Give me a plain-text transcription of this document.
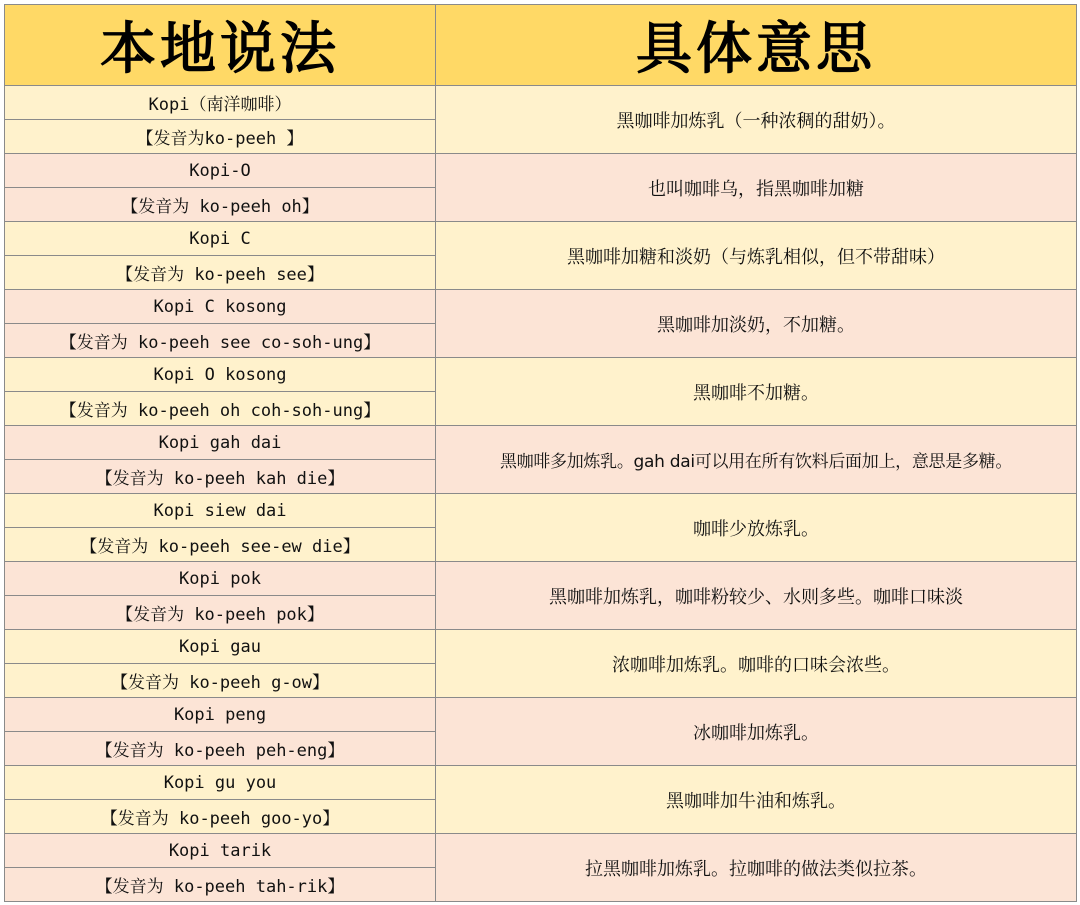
本地说法	具体意思
Kopi（南洋咖啡）	黑咖啡加炼乳（一种浓稠的甜奶）。
【发音为ko-peeh 】	
Kopi-O	也叫咖啡乌，指黑咖啡加糖
【发音为 ko-peeh oh】	
Kopi C	黑咖啡加糖和淡奶（与炼乳相似，但不带甜味）
【发音为 ko-peeh see】	
Kopi C kosong	黑咖啡加淡奶，不加糖。
【发音为 ko-peeh see co-soh-ung】	
Kopi O kosong	黑咖啡不加糖。
【发音为 ko-peeh oh coh-soh-ung】	
Kopi gah dai	黑咖啡多加炼乳。gah dai可以用在所有饮料后面加上，意思是多糖。
【发音为 ko-peeh kah die】	
Kopi siew dai	咖啡少放炼乳。
【发音为 ko-peeh see-ew die】	
Kopi pok	黑咖啡加炼乳，咖啡粉较少、水则多些。咖啡口味淡
【发音为 ko-peeh pok】	
Kopi gau	浓咖啡加炼乳。咖啡的口味会浓些。
【发音为 ko-peeh g-ow】	
Kopi peng	冰咖啡加炼乳。
【发音为 ko-peeh peh-eng】	
Kopi gu you	黑咖啡加牛油和炼乳。
【发音为 ko-peeh goo-yo】	
Kopi tarik	拉黑咖啡加炼乳。拉咖啡的做法类似拉茶。
【发音为 ko-peeh tah-rik】	
